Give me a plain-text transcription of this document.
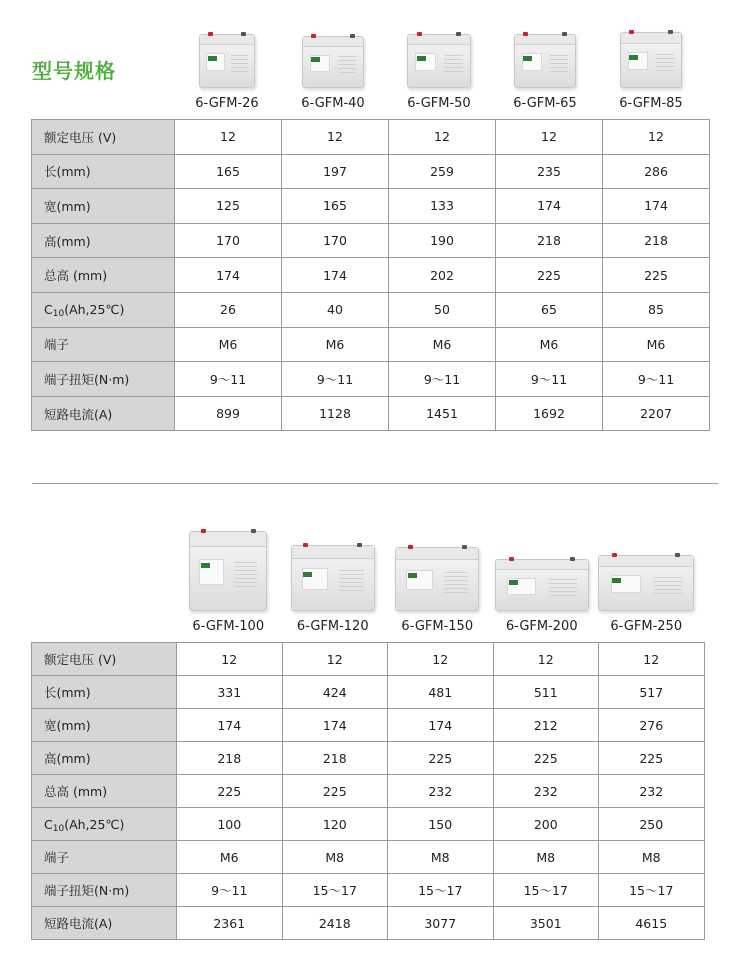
型号规格
6-GFM-26	6-GFM-40	6-GFM-50	6-GFM-65	6-GFM-85
额定电压 (V)	12	12	12	12	12
长(mm)	165	197	259	235	286
宽(mm)	125	165	133	174	174
高(mm)	170	170	190	218	218
总高 (mm)	174	174	202	225	225
$C_{10}(Ah,25℃)$	26	40	50	65	85
端子	M6	M6	M6	M6	M6
端子扭矩(N·m)	9～11	9～11	9～11	9～11	9～11
短路电流(A)	899	1128	1451	1692	2207
6-GFM-100	6-GFM-120	6-GFM-150	6-GFM-200	6-GFM-250
额定电压 (V)	12	12	12	12	12
长(mm)	331	424	481	511	517
宽(mm)	174	174	174	212	276
高(mm)	218	218	225	225	225
总高 (mm)	225	225	232	232	232
$C_{10}(Ah,25℃)$	100	120	150	200	250
端子	M6	M8	M8	M8	M8
端子扭矩(N·m)	9～11	15～17	15～17	15～17	15～17
短路电流(A)	2361	2418	3077	3501	4615
